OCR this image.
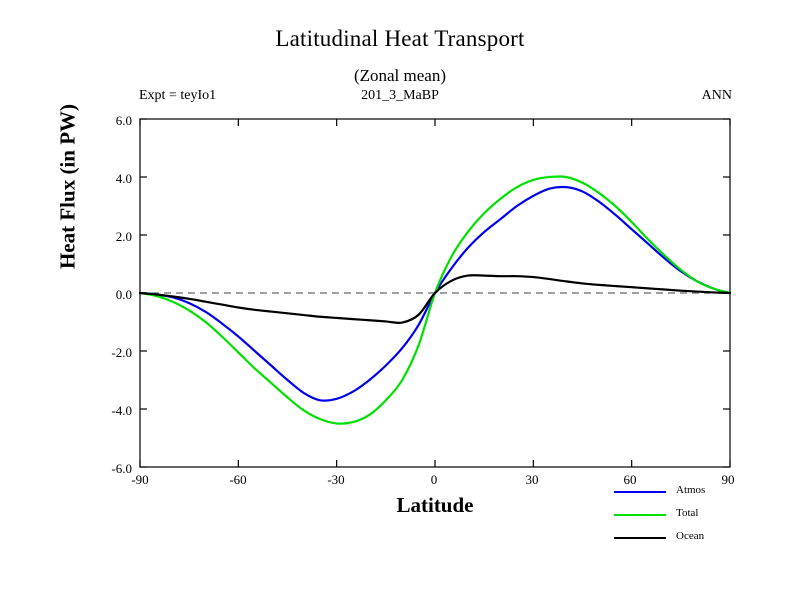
Latitudinal Heat Transport
(Zonal mean)
Expt = teyIo1	201_3_MaBP	ANN
Heat Flux (in PW)
Latitude
6.0
4.0
2.0
0.0
-2.0
-4.0
-6.0
-90	-60	-30	0	30	60	90
Atmos
Total
Ocean
